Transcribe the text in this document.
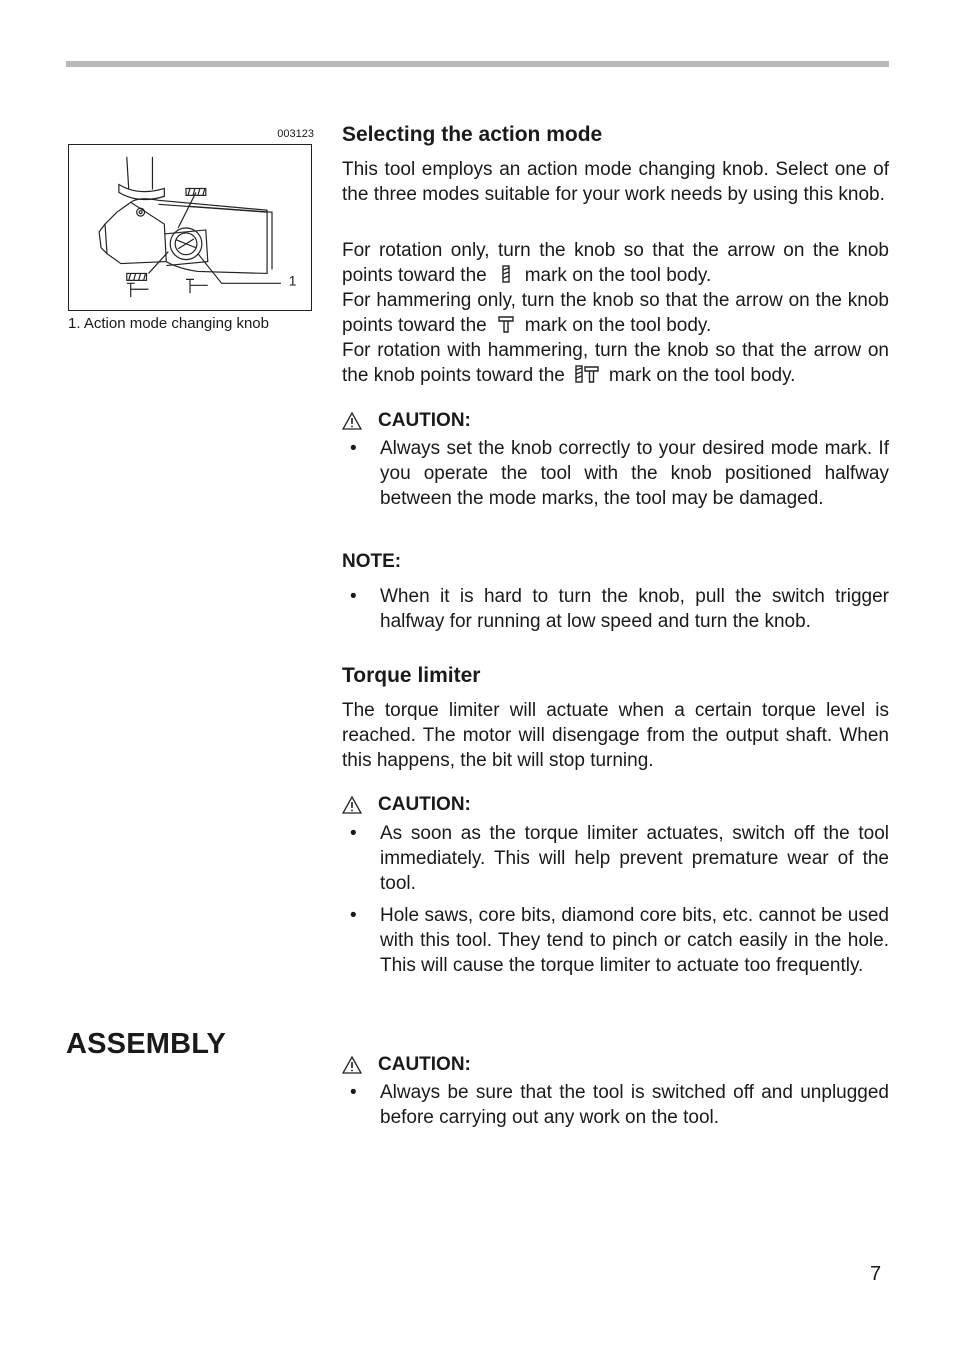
003123
1
1. Action mode changing knob
ASSEMBLY
Selecting the action mode
This tool employs an action mode changing knob. Select one of the three modes suitable for your work needs by using this knob.
For rotation only, turn the knob so that the arrow on the knob points toward the mark on the tool body.
For hammering only, turn the knob so that the arrow on the knob points toward the mark on the tool body.
For rotation with hammering, turn the knob so that the arrow on the knob points toward the mark on the tool body.
CAUTION:
• Always set the knob correctly to your desired mode mark. If you operate the tool with the knob positioned halfway between the mode marks, the tool may be damaged.
NOTE:
• When it is hard to turn the knob, pull the switch trigger halfway for running at low speed and turn the knob.
Torque limiter
The torque limiter will actuate when a certain torque level is reached. The motor will disengage from the output shaft. When this happens, the bit will stop turning.
CAUTION:
• As soon as the torque limiter actuates, switch off the tool immediately. This will help prevent premature wear of the tool.
• Hole saws, core bits, diamond core bits, etc. cannot be used with this tool. They tend to pinch or catch easily in the hole. This will cause the torque limiter to actuate too frequently.
CAUTION:
• Always be sure that the tool is switched off and unplugged before carrying out any work on the tool.
7
